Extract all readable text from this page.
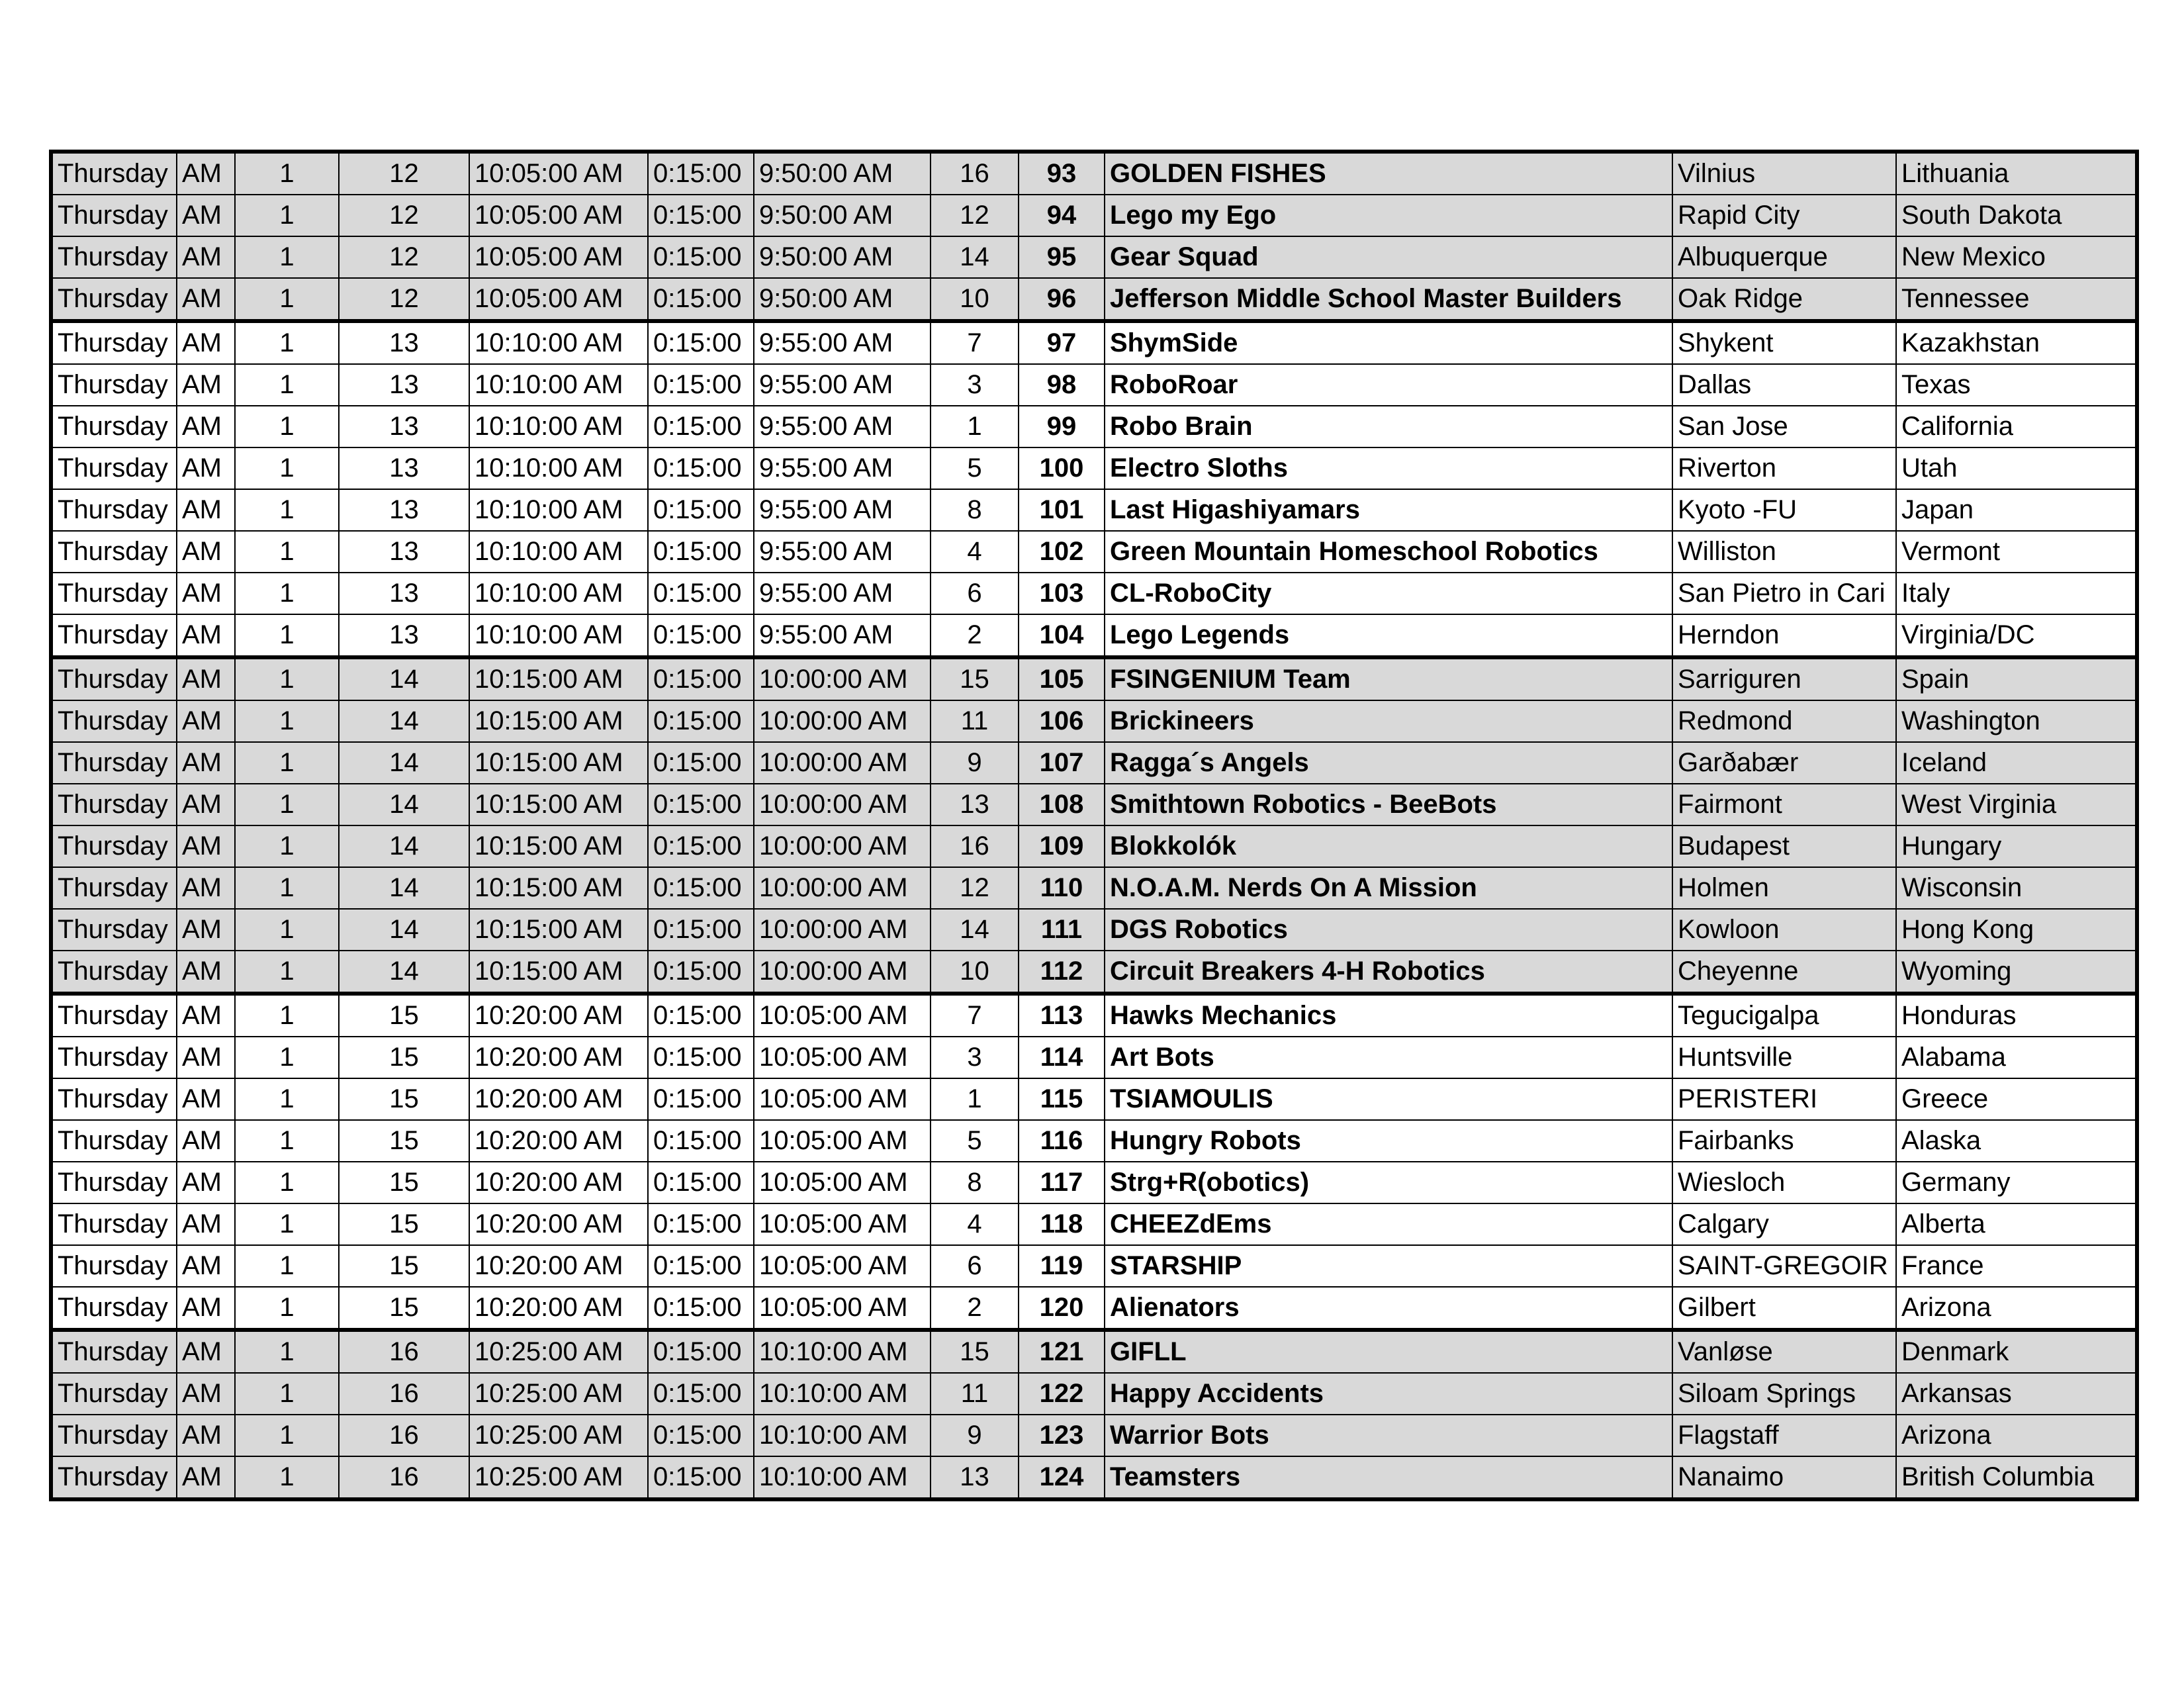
Thursday	AM	1	12	10:05:00 AM	0:15:00	9:50:00 AM	16	93	GOLDEN FISHES	Vilnius	Lithuania
Thursday	AM	1	12	10:05:00 AM	0:15:00	9:50:00 AM	12	94	Lego my Ego	Rapid City	South Dakota
Thursday	AM	1	12	10:05:00 AM	0:15:00	9:50:00 AM	14	95	Gear Squad	Albuquerque	New Mexico
Thursday	AM	1	12	10:05:00 AM	0:15:00	9:50:00 AM	10	96	Jefferson Middle School Master Builders	Oak Ridge	Tennessee
Thursday	AM	1	13	10:10:00 AM	0:15:00	9:55:00 AM	7	97	ShymSide	Shykent	Kazakhstan
Thursday	AM	1	13	10:10:00 AM	0:15:00	9:55:00 AM	3	98	RoboRoar	Dallas	Texas
Thursday	AM	1	13	10:10:00 AM	0:15:00	9:55:00 AM	1	99	Robo Brain	San Jose	California
Thursday	AM	1	13	10:10:00 AM	0:15:00	9:55:00 AM	5	100	Electro Sloths	Riverton	Utah
Thursday	AM	1	13	10:10:00 AM	0:15:00	9:55:00 AM	8	101	Last Higashiyamars	Kyoto -FU	Japan
Thursday	AM	1	13	10:10:00 AM	0:15:00	9:55:00 AM	4	102	Green Mountain Homeschool Robotics	Williston	Vermont
Thursday	AM	1	13	10:10:00 AM	0:15:00	9:55:00 AM	6	103	CL-RoboCity	San Pietro in Cari	Italy
Thursday	AM	1	13	10:10:00 AM	0:15:00	9:55:00 AM	2	104	Lego Legends	Herndon	Virginia/DC
Thursday	AM	1	14	10:15:00 AM	0:15:00	10:00:00 AM	15	105	FSINGENIUM Team	Sarriguren	Spain
Thursday	AM	1	14	10:15:00 AM	0:15:00	10:00:00 AM	11	106	Brickineers	Redmond	Washington
Thursday	AM	1	14	10:15:00 AM	0:15:00	10:00:00 AM	9	107	Ragga´s Angels	Garðabær	Iceland
Thursday	AM	1	14	10:15:00 AM	0:15:00	10:00:00 AM	13	108	Smithtown Robotics - BeeBots	Fairmont	West Virginia
Thursday	AM	1	14	10:15:00 AM	0:15:00	10:00:00 AM	16	109	Blokkolók	Budapest	Hungary
Thursday	AM	1	14	10:15:00 AM	0:15:00	10:00:00 AM	12	110	N.O.A.M. Nerds On A Mission	Holmen	Wisconsin
Thursday	AM	1	14	10:15:00 AM	0:15:00	10:00:00 AM	14	111	DGS Robotics	Kowloon	Hong Kong
Thursday	AM	1	14	10:15:00 AM	0:15:00	10:00:00 AM	10	112	Circuit Breakers 4-H Robotics	Cheyenne	Wyoming
Thursday	AM	1	15	10:20:00 AM	0:15:00	10:05:00 AM	7	113	Hawks Mechanics	Tegucigalpa	Honduras
Thursday	AM	1	15	10:20:00 AM	0:15:00	10:05:00 AM	3	114	Art Bots	Huntsville	Alabama
Thursday	AM	1	15	10:20:00 AM	0:15:00	10:05:00 AM	1	115	TSIAMOULIS	PERISTERI	Greece
Thursday	AM	1	15	10:20:00 AM	0:15:00	10:05:00 AM	5	116	Hungry Robots	Fairbanks	Alaska
Thursday	AM	1	15	10:20:00 AM	0:15:00	10:05:00 AM	8	117	Strg+R(obotics)	Wiesloch	Germany
Thursday	AM	1	15	10:20:00 AM	0:15:00	10:05:00 AM	4	118	CHEEZdEms	Calgary	Alberta
Thursday	AM	1	15	10:20:00 AM	0:15:00	10:05:00 AM	6	119	STARSHIP	SAINT-GREGOIR	France
Thursday	AM	1	15	10:20:00 AM	0:15:00	10:05:00 AM	2	120	Alienators	Gilbert	Arizona
Thursday	AM	1	16	10:25:00 AM	0:15:00	10:10:00 AM	15	121	GIFLL	Vanløse	Denmark
Thursday	AM	1	16	10:25:00 AM	0:15:00	10:10:00 AM	11	122	Happy Accidents	Siloam Springs	Arkansas
Thursday	AM	1	16	10:25:00 AM	0:15:00	10:10:00 AM	9	123	Warrior Bots	Flagstaff	Arizona
Thursday	AM	1	16	10:25:00 AM	0:15:00	10:10:00 AM	13	124	Teamsters	Nanaimo	British Columbia
